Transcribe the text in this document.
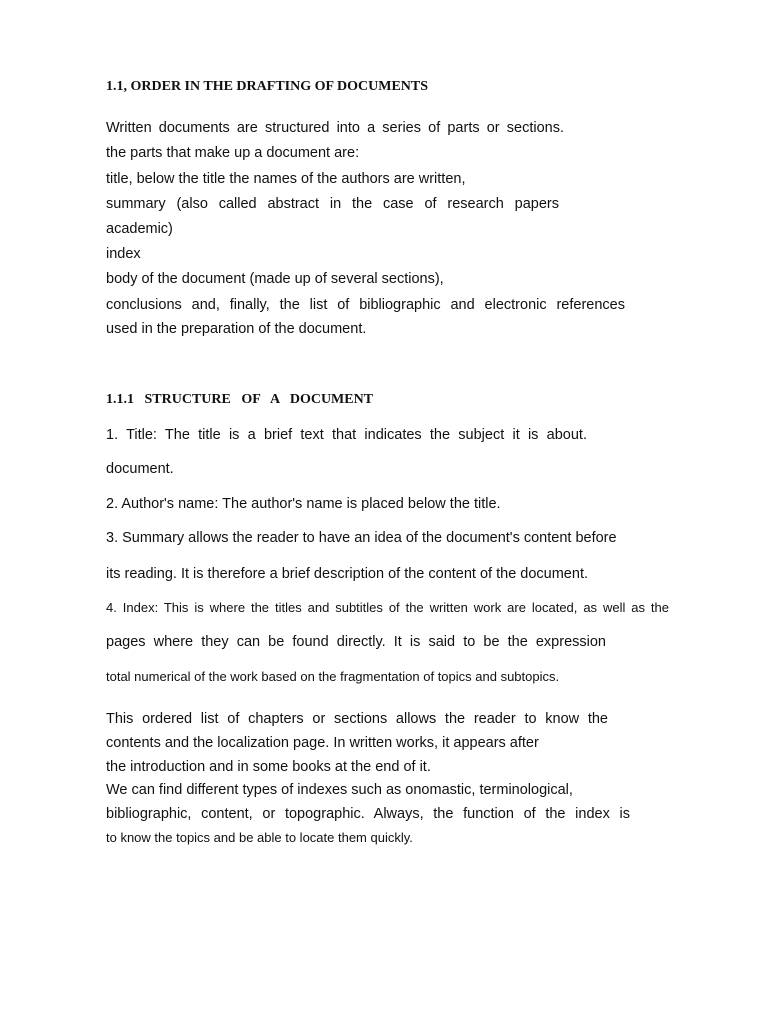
1.1, ORDER IN THE DRAFTING OF DOCUMENTS

Written documents are structured into a series of parts or sections.

the parts that make up a document are:

title, below the title the names of the authors are written,

summary (also called abstract in the case of research papers

academic)

index

body of the document (made up of several sections),

conclusions and, finally, the list of bibliographic and electronic references

used in the preparation of the document.

1.1.1 STRUCTURE OF A DOCUMENT

1. Title: The title is a brief text that indicates the subject it is about.

document.

2. Author's name: The author's name is placed below the title.

3. Summary allows the reader to have an idea of the document's content before

its reading. It is therefore a brief description of the content of the document.

4. Index: This is where the titles and subtitles of the written work are located, as well as the

pages where they can be found directly. It is said to be the expression

total numerical of the work based on the fragmentation of topics and subtopics.

This ordered list of chapters or sections allows the reader to know the

contents and the localization page. In written works, it appears after

the introduction and in some books at the end of it.

We can find different types of indexes such as onomastic, terminological,

bibliographic, content, or topographic. Always, the function of the index is

to know the topics and be able to locate them quickly.
